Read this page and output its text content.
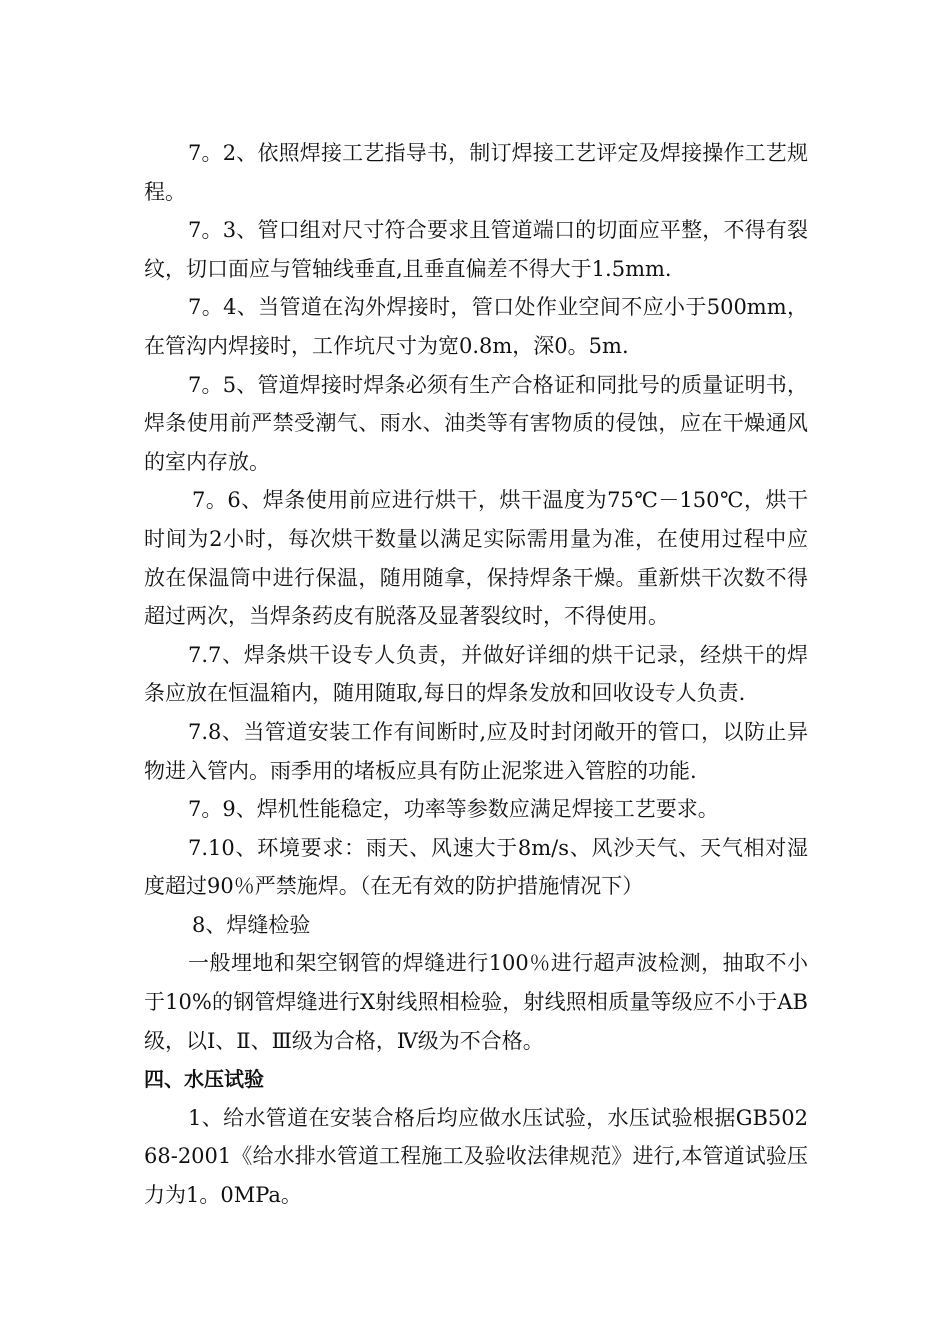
7。2、依照焊接工艺指导书，制订焊接工艺评定及焊接操作工艺规程。

7。3、管口组对尺寸符合要求且管道端口的切面应平整，不得有裂纹，切口面应与管轴线垂直,且垂直偏差不得大于1.5mm.

7。4、当管道在沟外焊接时，管口处作业空间不应小于500mm，在管沟内焊接时，工作坑尺寸为宽0.8m，深0。5m.

7。5、管道焊接时焊条必须有生产合格证和同批号的质量证明书，焊条使用前严禁受潮气、雨水、油类等有害物质的侵蚀，应在干燥通风的室内存放。

7。6、焊条使用前应进行烘干，烘干温度为75℃－150℃，烘干时间为2小时，每次烘干数量以满足实际需用量为准，在使用过程中应放在保温筒中进行保温，随用随拿，保持焊条干燥。重新烘干次数不得超过两次，当焊条药皮有脱落及显著裂纹时，不得使用。

7.7、焊条烘干设专人负责，并做好详细的烘干记录，经烘干的焊条应放在恒温箱内，随用随取,每日的焊条发放和回收设专人负责.

7.8、当管道安装工作有间断时,应及时封闭敞开的管口，以防止异物进入管内。雨季用的堵板应具有防止泥浆进入管腔的功能.

7。9、焊机性能稳定，功率等参数应满足焊接工艺要求。

7.10、环境要求：雨天、风速大于8m/s、风沙天气、天气相对湿度超过90％严禁施焊。（在无有效的防护措施情况下）

8、焊缝检验

一般埋地和架空钢管的焊缝进行100％进行超声波检测，抽取不小于10%的钢管焊缝进行X射线照相检验，射线照相质量等级应不小于AB级，以Ⅰ、Ⅱ、Ⅲ级为合格，Ⅳ级为不合格。

四、水压试验

1、给水管道在安装合格后均应做水压试验，水压试验根据GB50268-2001《给水排水管道工程施工及验收法律规范》进行,本管道试验压力为1。0MPa。
